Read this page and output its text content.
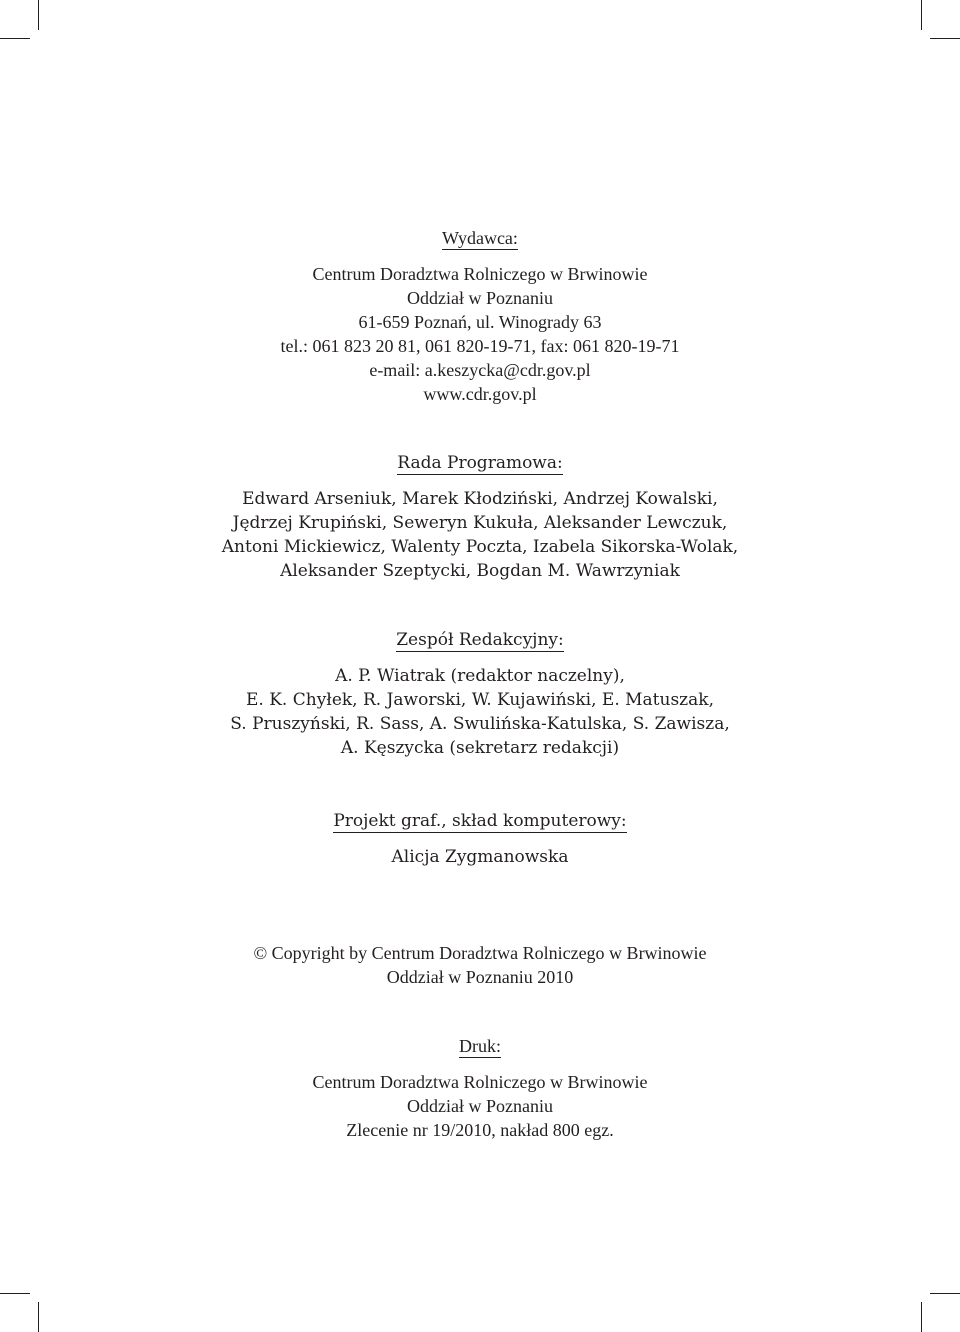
Wydawca:
Centrum Doradztwa Rolniczego w Brwinowie
Oddział w Poznaniu
61-659 Poznań, ul. Winogrady 63
tel.: 061 823 20 81, 061 820-19-71, fax: 061 820-19-71
e-mail: a.keszycka@cdr.gov.pl
www.cdr.gov.pl
Rada Programowa:
Edward Arseniuk, Marek Kłodziński, Andrzej Kowalski,
Jędrzej Krupiński, Seweryn Kukuła, Aleksander Lewczuk,
Antoni Mickiewicz, Walenty Poczta, Izabela Sikorska-Wolak,
Aleksander Szeptycki, Bogdan M. Wawrzyniak
Zespół Redakcyjny:
A. P. Wiatrak (redaktor naczelny),
E. K. Chyłek, R. Jaworski, W. Kujawiński, E. Matuszak,
S. Pruszyński, R. Sass, A. Swulińska-Katulska, S. Zawisza,
A. Kęszycka (sekretarz redakcji)
Projekt graf., skład komputerowy:
Alicja Zygmanowska
© Copyright by Centrum Doradztwa Rolniczego w Brwinowie
Oddział w Poznaniu 2010
Druk:
Centrum Doradztwa Rolniczego w Brwinowie
Oddział w Poznaniu
Zlecenie nr 19/2010, nakład 800 egz.
